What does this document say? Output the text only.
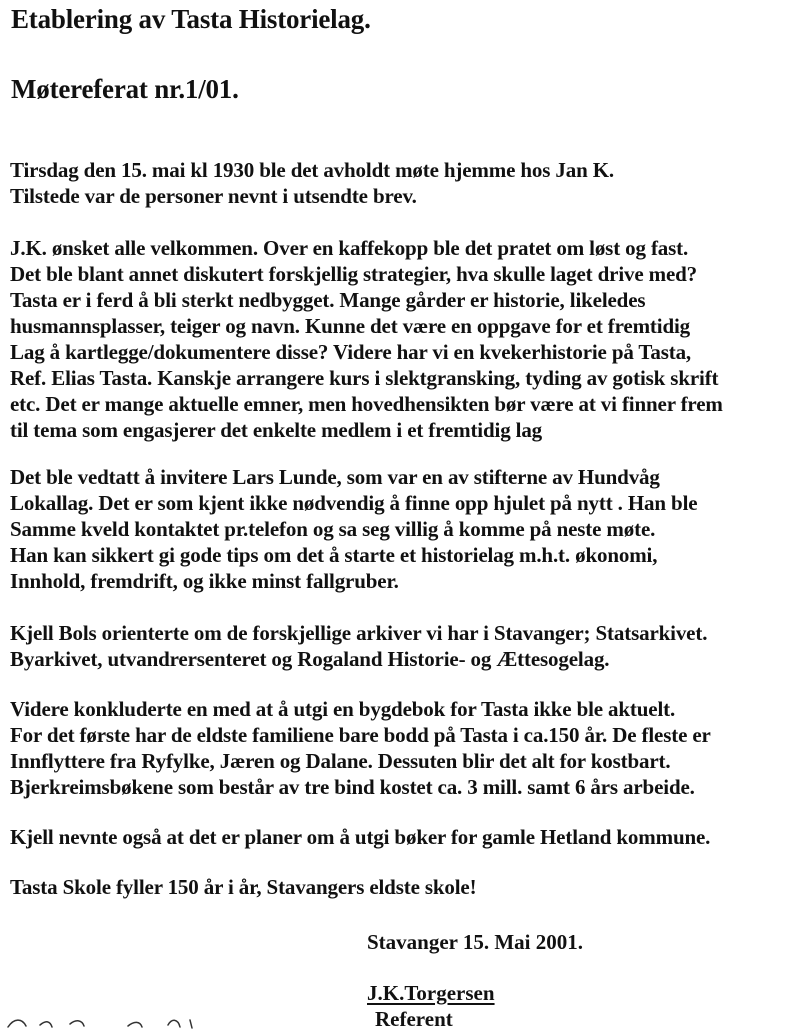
Etablering av Tasta Historielag.
Møtereferat nr.1/01.
Tirsdag den 15. mai kl 1930 ble det avholdt møte hjemme hos Jan K.
Tilstede var de personer nevnt i utsendte brev.
J.K. ønsket alle velkommen. Over en kaffekopp ble det pratet om løst og fast.
Det ble blant annet diskutert forskjellig strategier, hva skulle laget drive med?
Tasta er i ferd å bli sterkt nedbygget. Mange gårder er historie, likeledes
husmannsplasser, teiger og navn. Kunne det være en oppgave for et fremtidig
Lag å kartlegge/dokumentere disse? Videre har vi en kvekerhistorie på Tasta,
Ref. Elias Tasta. Kanskje arrangere kurs i slektgransking, tyding av gotisk skrift
etc. Det er mange aktuelle emner, men hovedhensikten bør være at vi finner frem
til tema som engasjerer det enkelte medlem i et fremtidig lag
Det ble vedtatt å invitere Lars Lunde, som var en av stifterne av Hundvåg
Lokallag. Det er som kjent ikke nødvendig å finne opp hjulet på nytt . Han ble
Samme kveld kontaktet pr.telefon og sa seg villig å komme på neste møte.
Han kan sikkert gi gode tips om det å starte et historielag m.h.t. økonomi,
Innhold, fremdrift, og ikke minst fallgruber.
Kjell Bols orienterte om de forskjellige arkiver vi har i Stavanger; Statsarkivet.
Byarkivet, utvandrersenteret og Rogaland Historie- og Ættesogelag.
Videre konkluderte en med at å utgi en bygdebok for Tasta ikke ble aktuelt.
For det første har de eldste familiene bare bodd på Tasta i ca.150 år. De fleste er
Innflyttere fra Ryfylke, Jæren og Dalane. Dessuten blir det alt for kostbart.
Bjerkreimsbøkene som består av tre bind kostet ca. 3 mill. samt 6 års arbeide.
Kjell nevnte også at det er planer om å utgi bøker for gamle Hetland kommune.
Tasta Skole fyller 150 år i år, Stavangers eldste skole!
Stavanger 15. Mai 2001.
J.K.Torgersen
Referent
